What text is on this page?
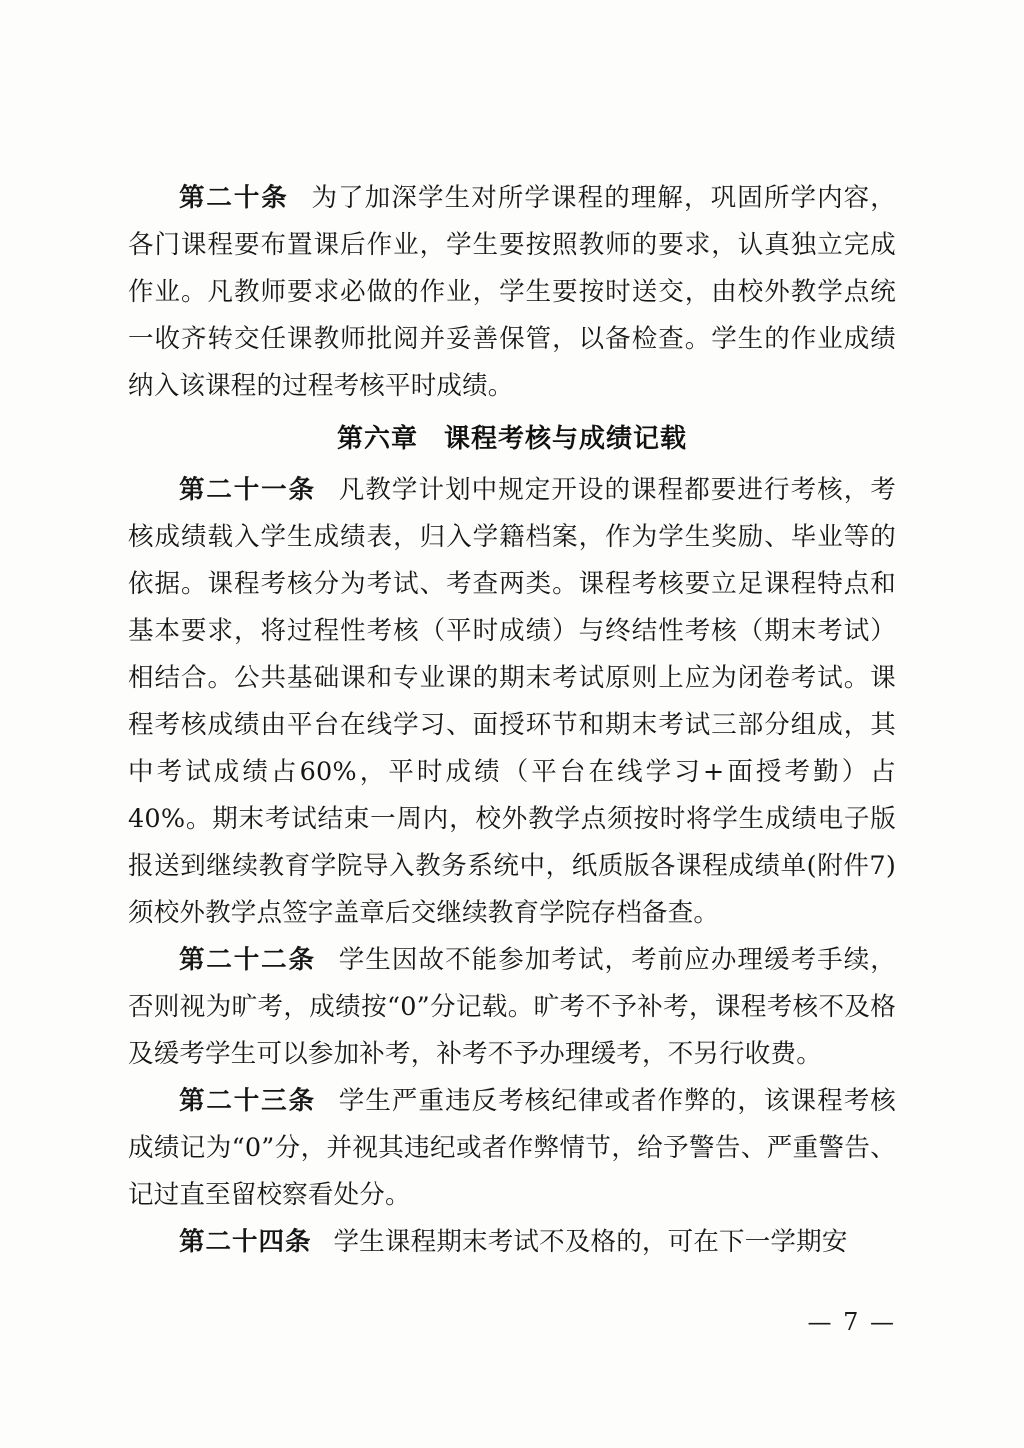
第二十条 为了加深学生对所学课程的理解，巩固所学内容，各门课程要布置课后作业，学生要按照教师的要求，认真独立完成作业。凡教师要求必做的作业，学生要按时送交，由校外教学点统一收齐转交任课教师批阅并妥善保管，以备检查。学生的作业成绩纳入该课程的过程考核平时成绩。

第六章 课程考核与成绩记载

第二十一条 凡教学计划中规定开设的课程都要进行考核，考核成绩载入学生成绩表，归入学籍档案，作为学生奖励、毕业等的依据。课程考核分为考试、考查两类。课程考核要立足课程特点和基本要求，将过程性考核（平时成绩）与终结性考核（期末考试）相结合。公共基础课和专业课的期末考试原则上应为闭卷考试。课程考核成绩由平台在线学习、面授环节和期末考试三部分组成，其中考试成绩占60%，平时成绩（平台在线学习+面授考勤）占40%。期末考试结束一周内，校外教学点须按时将学生成绩电子版报送到继续教育学院导入教务系统中，纸质版各课程成绩单(附件7)须校外教学点签字盖章后交继续教育学院存档备查。

第二十二条 学生因故不能参加考试，考前应办理缓考手续，否则视为旷考，成绩按“0”分记载。旷考不予补考，课程考核不及格及缓考学生可以参加补考，补考不予办理缓考，不另行收费。

第二十三条 学生严重违反考核纪律或者作弊的，该课程考核成绩记为“0”分，并视其违纪或者作弊情节，给予警告、严重警告、记过直至留校察看处分。

第二十四条 学生课程期末考试不及格的，可在下一学期安

— 7 —
